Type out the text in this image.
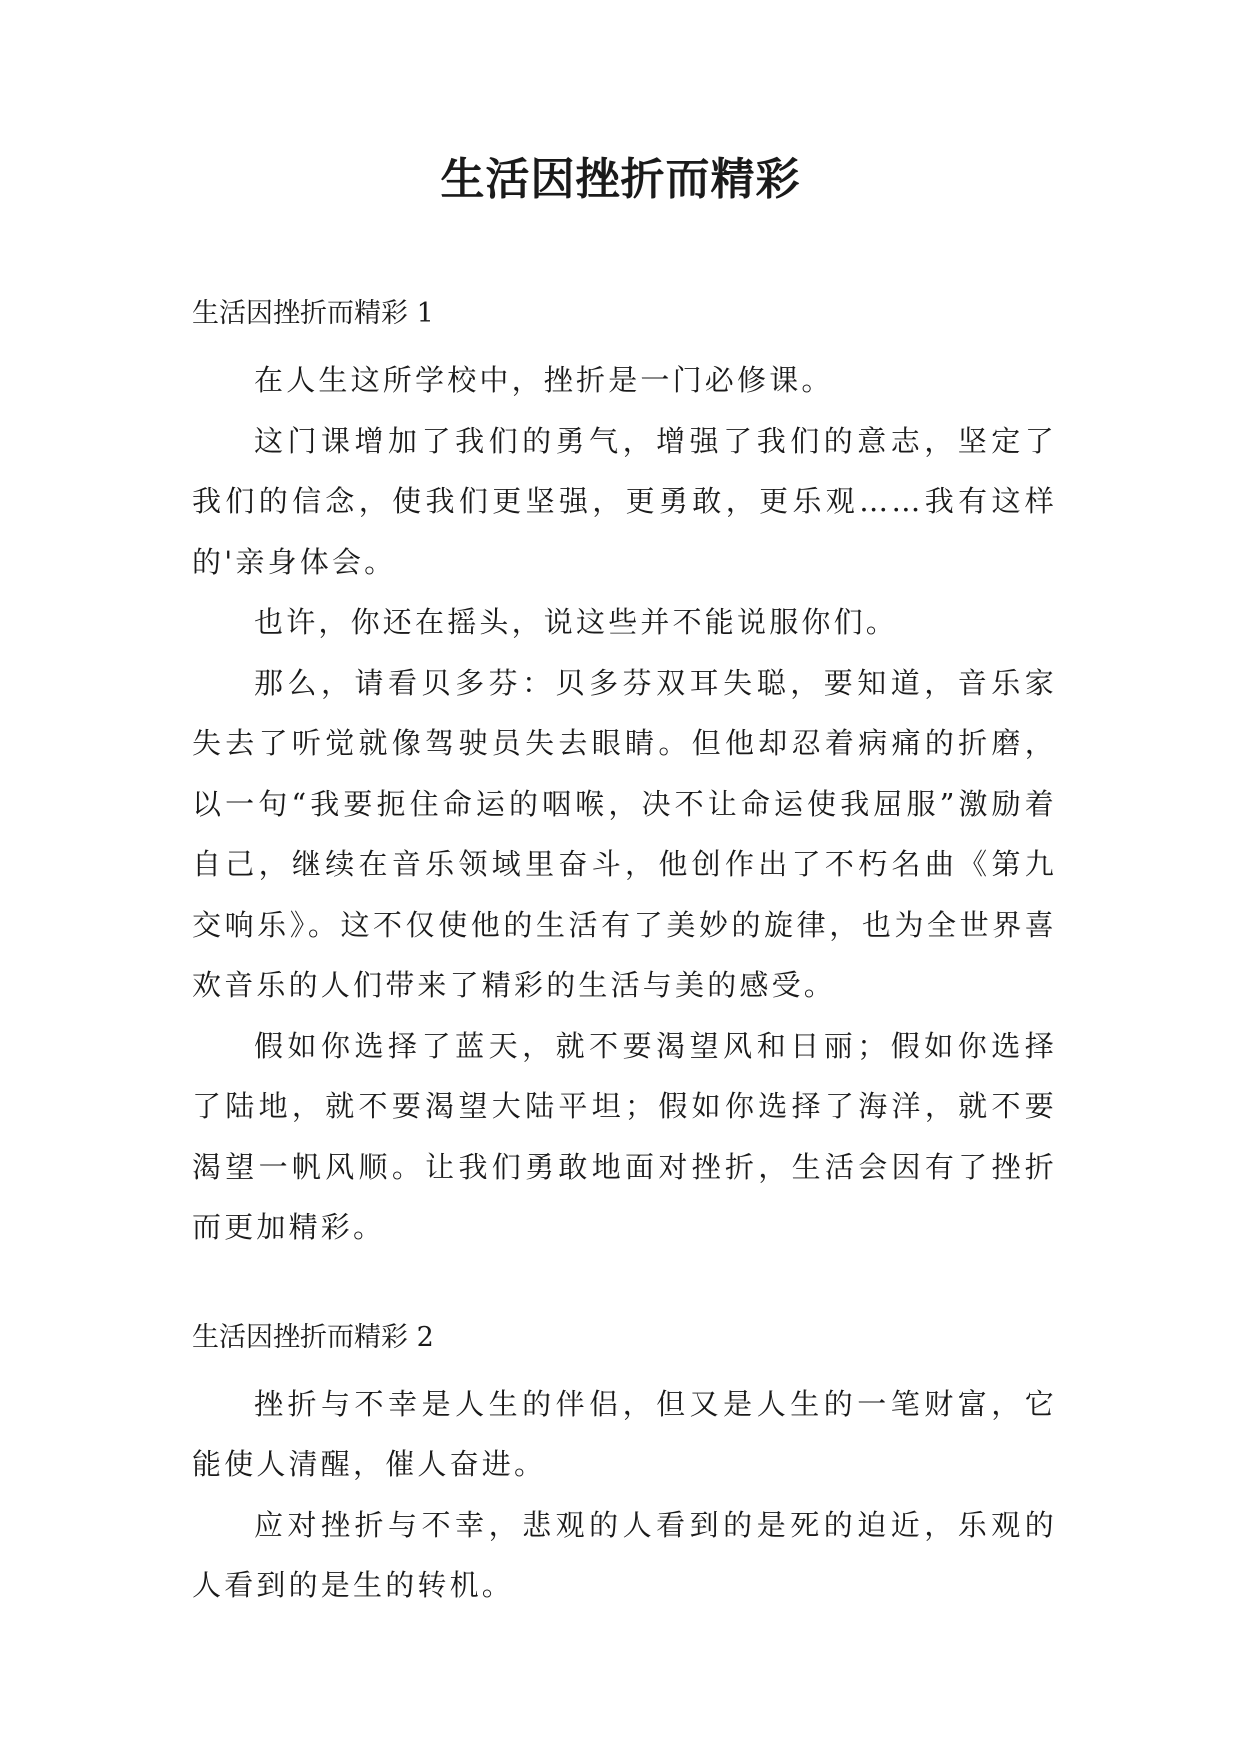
生活因挫折而精彩
生活因挫折而精彩 1

在人生这所学校中，挫折是一门必修课。

这门课增加了我们的勇气，增强了我们的意志，坚定了我们的信念，使我们更坚强，更勇敢，更乐观……我有这样的'亲身体会。

也许，你还在摇头，说这些并不能说服你们。

那么，请看贝多芬：贝多芬双耳失聪，要知道，音乐家失去了听觉就像驾驶员失去眼睛。但他却忍着病痛的折磨，以一句“我要扼住命运的咽喉，决不让命运使我屈服”激励着自己，继续在音乐领域里奋斗，他创作出了不朽名曲《第九交响乐》。这不仅使他的生活有了美妙的旋律，也为全世界喜欢音乐的人们带来了精彩的生活与美的感受。

假如你选择了蓝天，就不要渴望风和日丽；假如你选择了陆地，就不要渴望大陆平坦；假如你选择了海洋，就不要渴望一帆风顺。让我们勇敢地面对挫折，生活会因有了挫折而更加精彩。

生活因挫折而精彩 2

挫折与不幸是人生的伴侣，但又是人生的一笔财富，它能使人清醒，催人奋进。

应对挫折与不幸，悲观的人看到的是死的迫近，乐观的人看到的是生的转机。
